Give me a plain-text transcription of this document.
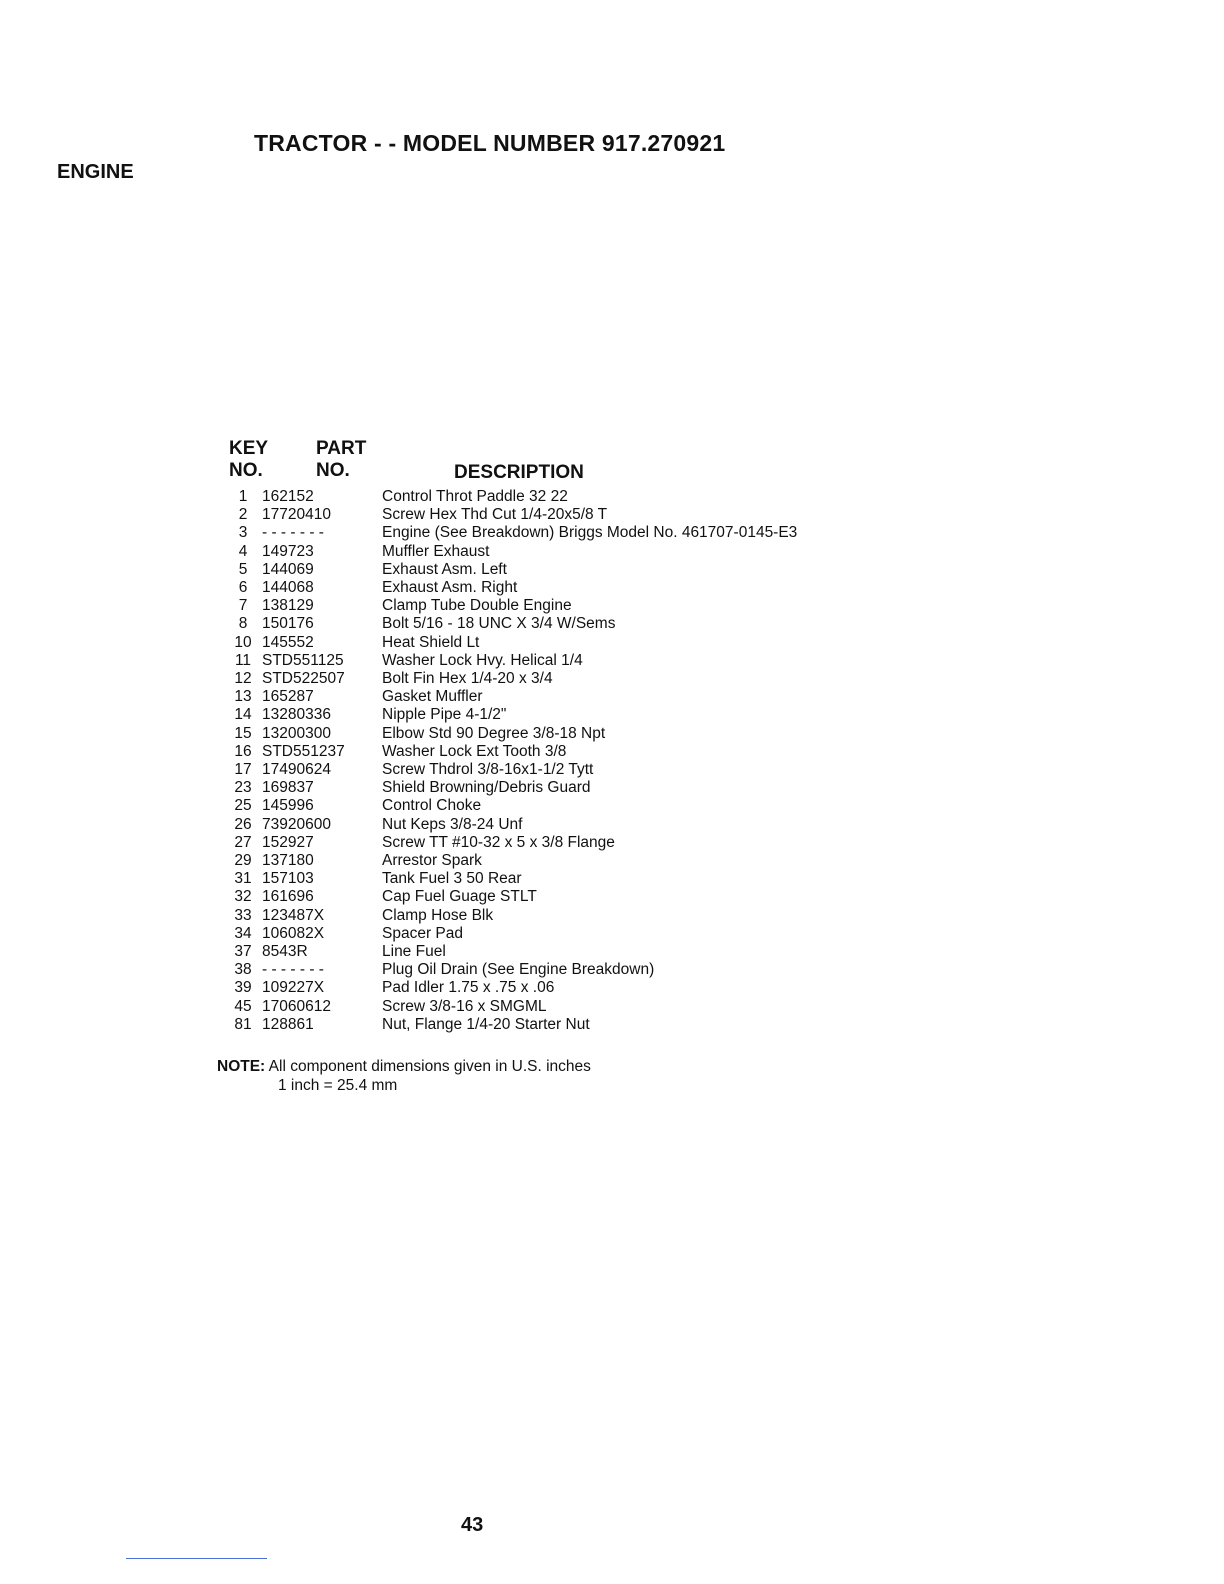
TRACTOR - - MODEL NUMBER 917.270921
ENGINE
KEY
NO.
PART
NO.	DESCRIPTION
1 162152	Control Throt Paddle 32 22
2 17720410	Screw Hex Thd Cut 1/4-20x5/8 T
3 - - - - - - -	Engine (See Breakdown) Briggs Model No. 461707-0145-E3
4 149723	Muffler Exhaust
5 144069	Exhaust Asm. Left
6 144068	Exhaust Asm. Right
7 138129	Clamp Tube Double Engine
8 150176	Bolt 5/16 - 18 UNC X 3/4 W/Sems
10 145552	Heat Shield Lt
11 STD551125	Washer Lock Hvy. Helical 1/4
12 STD522507	Bolt Fin Hex 1/4-20 x 3/4
13 165287	Gasket Muffler
14 13280336	Nipple Pipe 4-1/2"
15 13200300	Elbow Std 90 Degree 3/8-18 Npt
16 STD551237	Washer Lock Ext Tooth 3/8
17 17490624	Screw Thdrol 3/8-16x1-1/2 Tytt
23 169837	Shield Browning/Debris Guard
25 145996	Control Choke
26 73920600	Nut Keps 3/8-24 Unf
27 152927	Screw TT #10-32 x 5 x 3/8 Flange
29 137180	Arrestor Spark
31 157103	Tank Fuel 3 50 Rear
32 161696	Cap Fuel Guage STLT
33 123487X	Clamp Hose Blk
34 106082X	Spacer Pad
37 8543R	Line Fuel
38 - - - - - - -	Plug Oil Drain (See Engine Breakdown)
39 109227X	Pad Idler 1.75 x .75 x .06
45 17060612	Screw 3/8-16 x SMGML
81 128861	Nut, Flange 1/4-20 Starter Nut
NOTE: All component dimensions given in U.S. inches
1 inch = 25.4 mm
43
